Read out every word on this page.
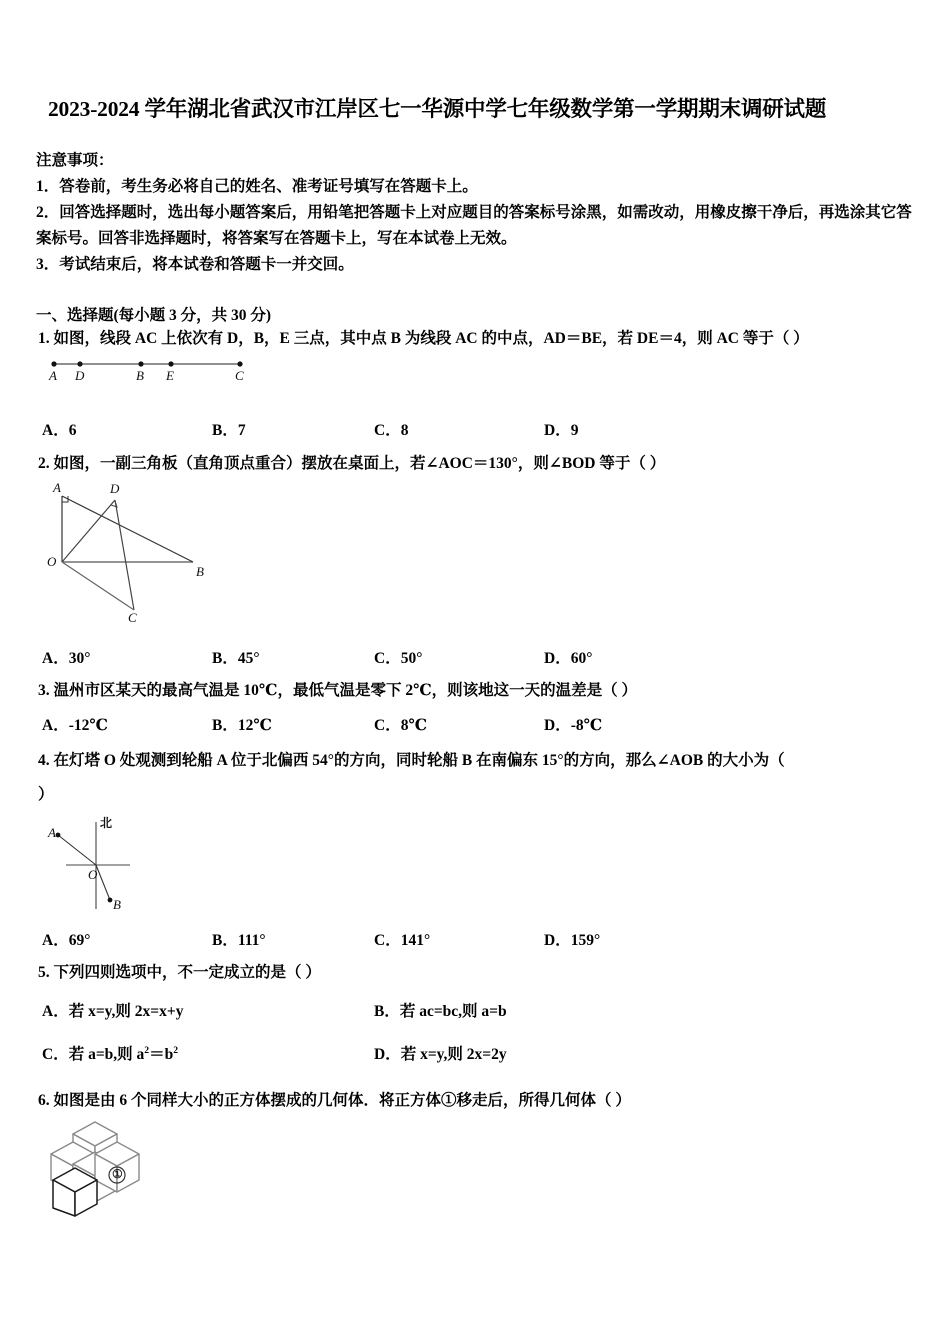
2023-2024 学年湖北省武汉市江岸区七一华源中学七年级数学第一学期期末调研试题
注意事项：
1．答卷前，考生务必将自己的姓名、准考证号填写在答题卡上。
2．回答选择题时，选出每小题答案后，用铅笔把答题卡上对应题目的答案标号涂黑，如需改动，用橡皮擦干净后，再选涂其它答案标号。回答非选择题时，将答案写在答题卡上，写在本试卷上无效。
3．考试结束后，将本试卷和答题卡一并交回。
一、选择题(每小题 3 分，共 30 分)
1. 如图，线段 AC 上依次有 D，B，E 三点，其中点 B 为线段 AC 的中点，AD＝BE，若 DE＝4，则 AC 等于（ ）
A D	B E	C
A．6	B．7	C．8	D．9
2. 如图，一副三角板（直角顶点重合）摆放在桌面上，若∠AOC＝130°，则∠BOD 等于（ ）
A	D
O
B
C
A．30°	B．45°	C．50°	D．60°
3. 温州市区某天的最高气温是 10℃，最低气温是零下 2℃，则该地这一天的温差是（ ）
A．-12℃	B．12℃	C．8℃	D．-8℃
4. 在灯塔 O 处观测到轮船 A 位于北偏西 54°的方向，同时轮船 B 在南偏东 15°的方向，那么∠AOB 的大小为（
）
北
A
O
B
A．69°	B．111°	C．141°	D．159°
5. 下列四则选项中，不一定成立的是（ ）
A．若 x=y,则 2x=x+y	B．若 ac=bc,则 a=b
C．若 a=b,则 $a^2=b^2$	D．若 x=y,则 2x=2y
6. 如图是由 6 个同样大小的正方体摆成的几何体．将正方体①移走后，所得几何体（ ）
①
